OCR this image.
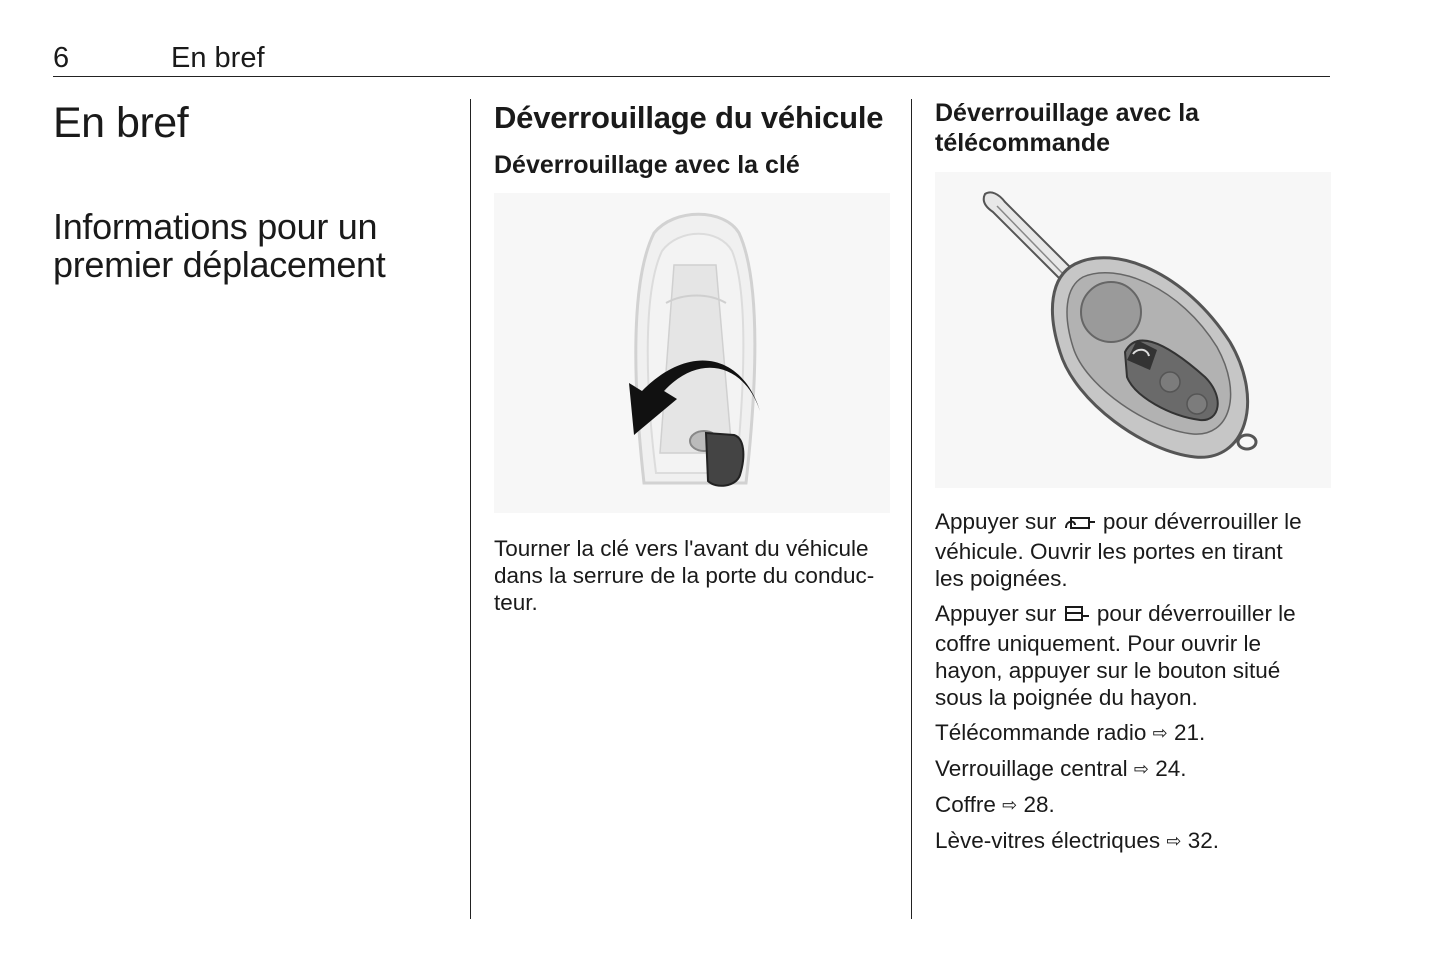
6	En bref
En bref
Informations pour un
premier déplacement
Déverrouillage du véhicule
Déverrouillage avec la clé

Tourner la clé vers l'avant du véhicule
dans la serrure de la porte du conduc-
teur.

Déverrouillage avec la
télécommande

Appuyer sur pour déverrouiller le
véhicule. Ouvrir les portes en tirant
les poignées.

Appuyer sur pour déverrouiller le
coffre uniquement. Pour ouvrir le
hayon, appuyer sur le bouton situé
sous la poignée du hayon.

Télécommande radio ⇨ 21.

Verrouillage central ⇨ 24.

Coffre ⇨ 28.

Lève-vitres électriques ⇨ 32.
